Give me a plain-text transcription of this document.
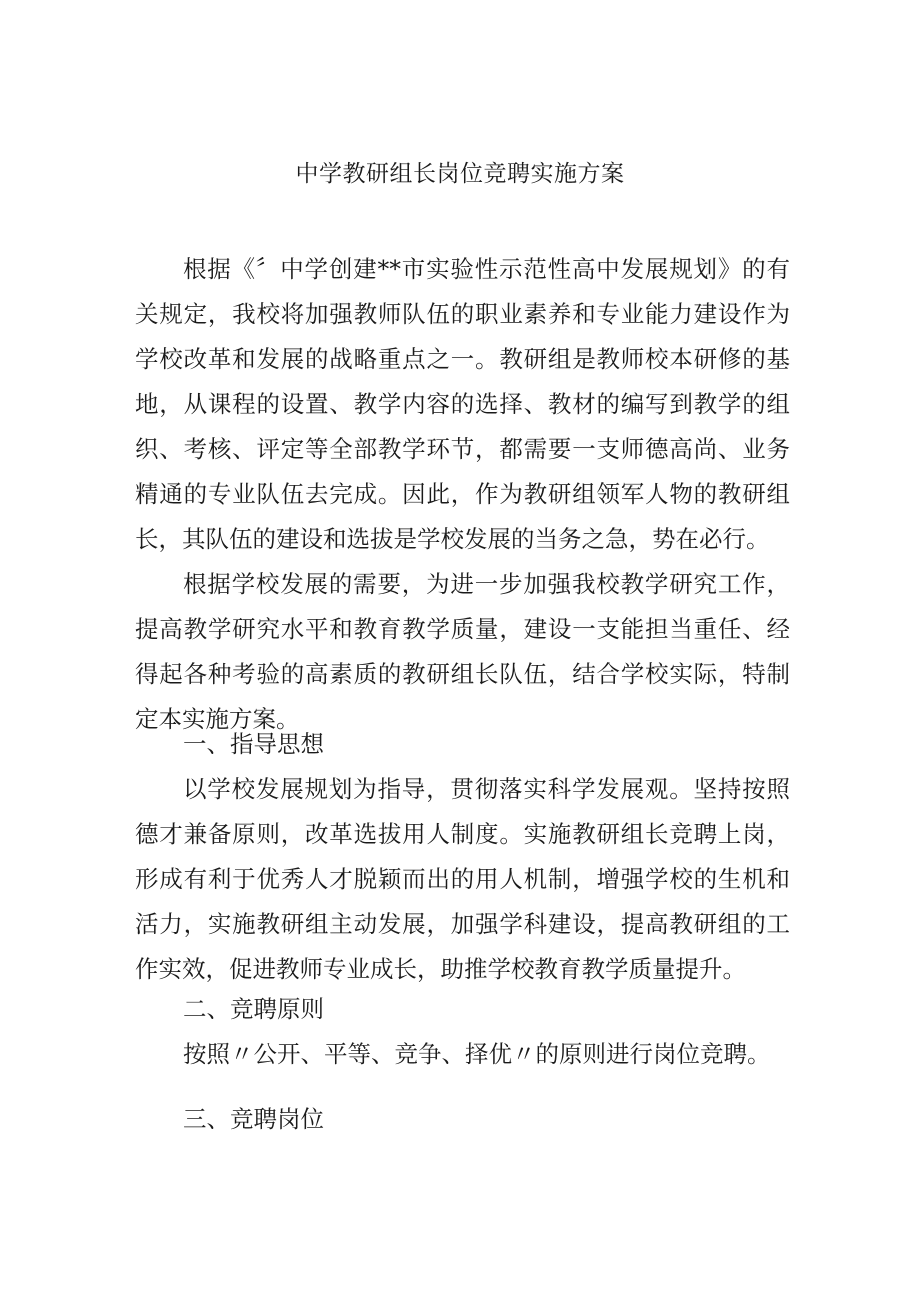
中学教研组长岗位竞聘实施方案

根据《〞中学创建**市实验性示范性高中发展规划》的有关规定，我校将加强教师队伍的职业素养和专业能力建设作为学校改革和发展的战略重点之一。教研组是教师校本研修的基地，从课程的设置、教学内容的选择、教材的编写到教学的组织、考核、评定等全部教学环节，都需要一支师德高尚、业务精通的专业队伍去完成。因此，作为教研组领军人物的教研组长，其队伍的建设和选拔是学校发展的当务之急，势在必行。

根据学校发展的需要，为进一步加强我校教学研究工作，提高教学研究水平和教育教学质量，建设一支能担当重任、经得起各种考验的高素质的教研组长队伍，结合学校实际，特制定本实施方案。

一、指导思想

以学校发展规划为指导，贯彻落实科学发展观。坚持按照德才兼备原则，改革选拔用人制度。实施教研组长竞聘上岗，形成有利于优秀人才脱颖而出的用人机制，增强学校的生机和活力，实施教研组主动发展，加强学科建设，提高教研组的工作实效，促进教师专业成长，助推学校教育教学质量提升。

二、竞聘原则

按照〃公开、平等、竞争、择优〃的原则进行岗位竞聘。

三、竞聘岗位
